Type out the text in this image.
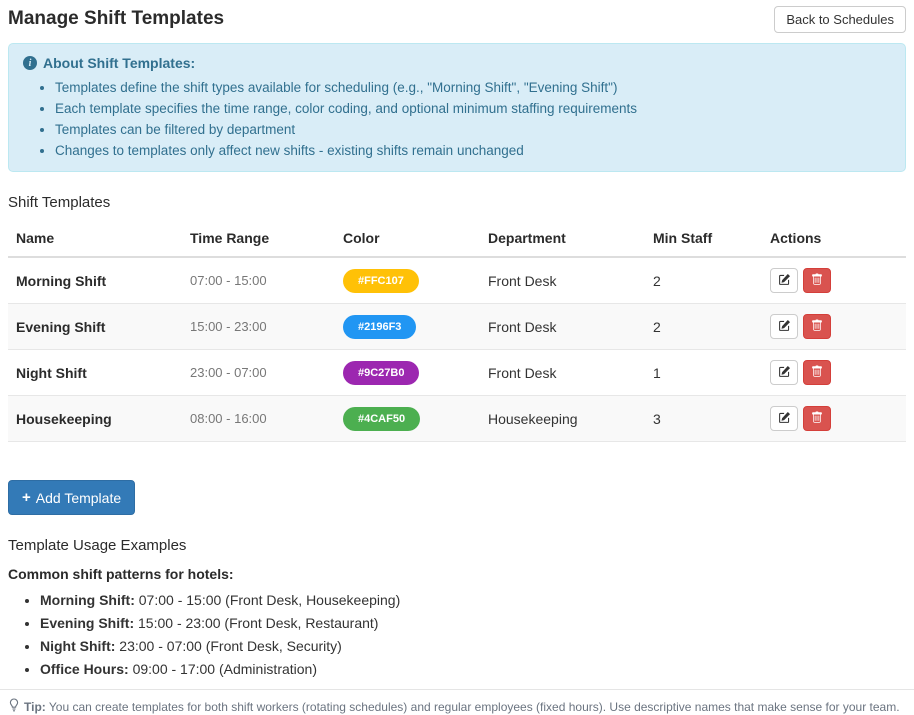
Manage Shift Templates	Back to Schedules
i About Shift Templates:
• Templates define the shift types available for scheduling (e.g., "Morning Shift", "Evening Shift")
• Each template specifies the time range, color coding, and optional minimum staffing requirements
• Templates can be filtered by department
• Changes to templates only affect new shifts - existing shifts remain unchanged
Shift Templates
Name	Time Range	Color	Department	Min Staff	Actions
Morning Shift	07:00 - 15:00	#FFC107	Front Desk	2	

Evening Shift	15:00 - 23:00	#2196F3	Front Desk	2	

Night Shift	23:00 - 07:00	#9C27B0	Front Desk	1	

Housekeeping	08:00 - 16:00	#4CAF50	Housekeeping	3	
+ Add Template
Template Usage Examples

Common shift patterns for hotels:

• Morning Shift: 07:00 - 15:00 (Front Desk, Housekeeping)
• Evening Shift: 15:00 - 23:00 (Front Desk, Restaurant)
• Night Shift: 23:00 - 07:00 (Front Desk, Security)
• Office Hours: 09:00 - 17:00 (Administration)
Tip: You can create templates for both shift workers (rotating schedules) and regular employees (fixed hours). Use descriptive names that make sense for your team.
